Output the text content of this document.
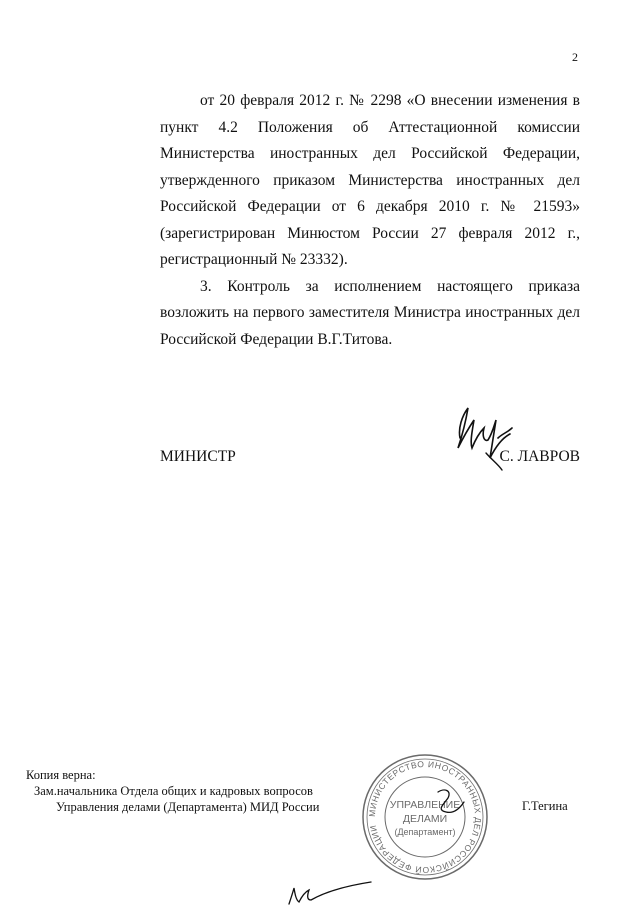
2

от 20 февраля 2012 г. № 2298 «О внесении изменения в
пункт 4.2 Положения об Аттестационной комиссии
Министерства иностранных дел Российской Федерации,
утвержденного приказом Министерства иностранных дел
Российской Федерации от 6 декабря 2010 г. № 21593»
(зарегистрирован Минюстом России 27 февраля 2012 г.,

регистрационный № 23332).

3. Контроль за исполнением настоящего приказа
возложить на первого заместителя Министра иностранных дел

Российской Федерации В.Г.Титова.

МИНИСТР	С. ЛАВРОВ
Копия верна:
Зам.начальника Отдела общих и кадровых вопросов
Управления делами (Департамента) МИД России	МИНИСТЕРСТВО ИНОСТРАННЫХ ДЕЛ РОССИЙСКОЙ ФЕДЕРАЦИИ
УПРАВЛЕНИЕ
ДЕЛАМИ
(Департамент)
Г.Тегина
